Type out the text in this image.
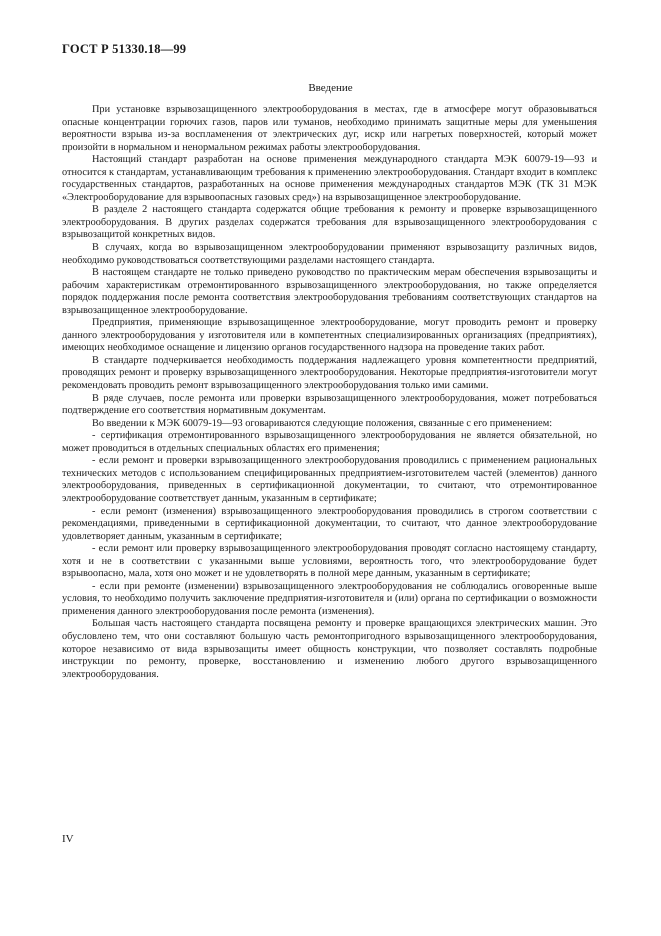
ГОСТ Р 51330.18—99
Введение

При установке взрывозащищенного электрооборудования в местах, где в атмосфере могут образовываться опасные концентрации горючих газов, паров или туманов, необходимо принимать защитные меры для уменьшения вероятности взрыва из-за воспламенения от электрических дуг, искр или нагретых поверхностей, который может произойти в нормальном и ненормальном режимах работы электрооборудования.

Настоящий стандарт разработан на основе применения международного стандарта МЭК 60079-19—93 и относится к стандартам, устанавливающим требования к применению электрооборудования. Стандарт входит в комплекс государственных стандартов, разработанных на основе применения международных стандартов МЭК (ТК 31 МЭК «Электрооборудование для взрывоопасных газовых сред») на взрывозащищенное электрооборудование.

В разделе 2 настоящего стандарта содержатся общие требования к ремонту и проверке взрывозащищенного электрооборудования. В других разделах содержатся требования для взрывозащищенного электрооборудования с взрывозащитой конкретных видов.

В случаях, когда во взрывозащищенном электрооборудовании применяют взрывозащиту различных видов, необходимо руководствоваться соответствующими разделами настоящего стандарта.

В настоящем стандарте не только приведено руководство по практическим мерам обеспечения взрывозащиты и рабочим характеристикам отремонтированного взрывозащищенного электрооборудования, но также определяется порядок поддержания после ремонта соответствия электрооборудования требованиям соответствующих стандартов на взрывозащищенное электрооборудование.

Предприятия, применяющие взрывозащищенное электрооборудование, могут проводить ремонт и проверку данного электрооборудования у изготовителя или в компетентных специализированных организациях (предприятиях), имеющих необходимое оснащение и лицензию органов государственного надзора на проведение таких работ.

В стандарте подчеркивается необходимость поддержания надлежащего уровня компетентности предприятий, проводящих ремонт и проверку взрывозащищенного электрооборудования. Некоторые предприятия-изготовители могут рекомендовать проводить ремонт взрывозащищенного электрооборудования только ими самими.

В ряде случаев, после ремонта или проверки взрывозащищенного электрооборудования, может потребоваться подтверждение его соответствия нормативным документам.

Во введении к МЭК 60079-19—93 оговариваются следующие положения, связанные с его применением:

- сертификация отремонтированного взрывозащищенного электрооборудования не является обязательной, но может проводиться в отдельных специальных областях его применения;

- если ремонт и проверки взрывозащищенного электрооборудования проводились с применением рациональных технических методов с использованием специфицированных предприятием-изготовителем частей (элементов) данного электрооборудования, приведенных в сертификационной документации, то считают, что отремонтированное электрооборудование соответствует данным, указанным в сертификате;

- если ремонт (изменения) взрывозащищенного электрооборудования проводились в строгом соответствии с рекомендациями, приведенными в сертификационной документации, то считают, что данное электрооборудование удовлетворяет данным, указанным в сертификате;

- если ремонт или проверку взрывозащищенного электрооборудования проводят согласно настоящему стандарту, хотя и не в соответствии с указанными выше условиями, вероятность того, что электрооборудование будет взрывоопасно, мала, хотя оно может и не удовлетворять в полной мере данным, указанным в сертификате;

- если при ремонте (изменении) взрывозащищенного электрооборудования не соблюдались оговоренные выше условия, то необходимо получить заключение предприятия-изготовителя и (или) органа по сертификации о возможности применения данного электрооборудования после ремонта (изменения).

Большая часть настоящего стандарта посвящена ремонту и проверке вращающихся электрических машин. Это обусловлено тем, что они составляют большую часть ремонтопригодного взрывозащищенного электрооборудования, которое независимо от вида взрывозащиты имеет общность конструкции, что позволяет составлять подробные инструкции по ремонту, проверке, восстановлению и изменению любого другого взрывозащищенного электрооборудования.

IV
